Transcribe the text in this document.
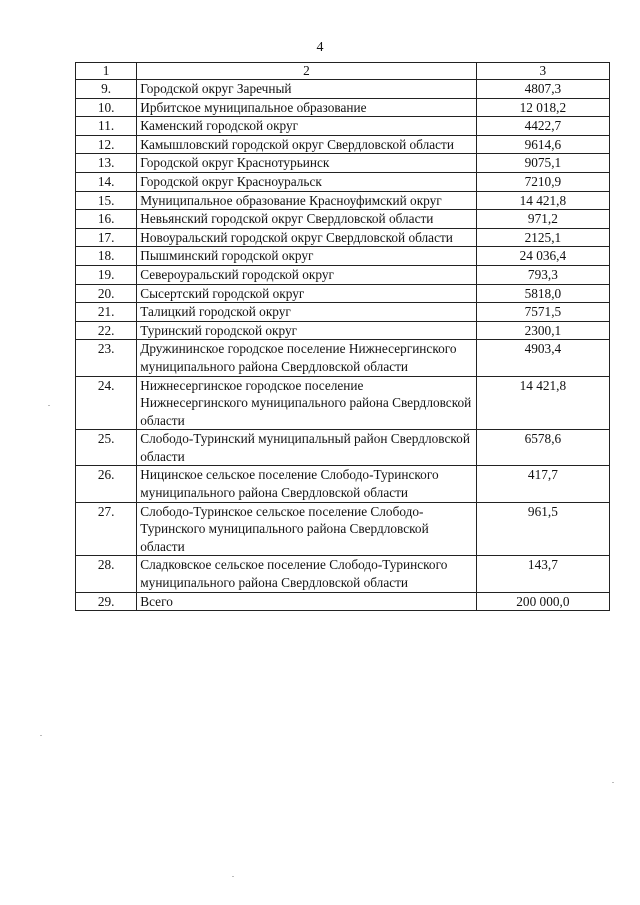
4
1	2	3
9.	Городской округ Заречный	4807,3
10.	Ирбитское муниципальное образование	12 018,2
11.	Каменский городской округ	4422,7
12.	Камышловский городской округ Свердловской области	9614,6
13.	Городской округ Краснотурьинск	9075,1
14.	Городской округ Красноуральск	7210,9
15.	Муниципальное образование Красноуфимский округ	14 421,8
16.	Невьянский городской округ Свердловской области	971,2
17.	Новоуральский городской округ Свердловской области	2125,1
18.	Пышминский городской округ	24 036,4
19.	Североуральский городской округ	793,3
20.	Сысертский городской округ	5818,0
21.	Талицкий городской округ	7571,5
22.	Туринский городской округ	2300,1
23.	Дружининское городское поселение Нижнесергинского муниципального района Свердловской области	4903,4
24.	Нижнесергинское городское поселение Нижнесергинского муниципального района Свердловской области	14 421,8
25.	Слободо-Туринский муниципальный район Свердловской области	6578,6
26.	Ницинское сельское поселение Слободо-Туринского муниципального района Свердловской области	417,7
27.	Слободо-Туринское сельское поселение Слободо-Туринского муниципального района Свердловской области	961,5
28.	Сладковское сельское поселение Слободо-Туринского муниципального района Свердловской области	143,7
29.	Всего	200 000,0
